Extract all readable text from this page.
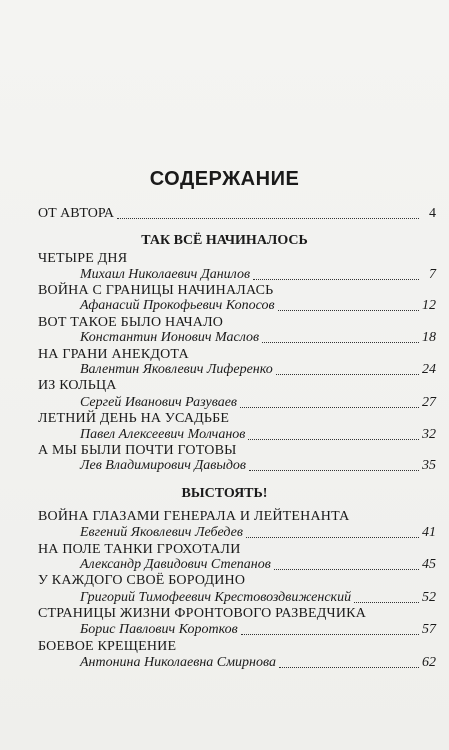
СОДЕРЖАНИЕ
ОТ АВТОРА	4
ТАК ВСЁ НАЧИНАЛОСЬ
ЧЕТЫРЕ ДНЯ
Михаил Николаевич Данилов	7
ВОЙНА С ГРАНИЦЫ НАЧИНАЛАСЬ
Афанасий Прокофьевич Копосов	12
ВОТ ТАКОЕ БЫЛО НАЧАЛО
Константин Ионович Маслов	18
НА ГРАНИ АНЕКДОТА
Валентин Яковлевич Лиференко	24
ИЗ КОЛЬЦА
Сергей Иванович Разуваев	27
ЛЕТНИЙ ДЕНЬ НА УСАДЬБЕ
Павел Алексеевич Молчанов	32
А МЫ БЫЛИ ПОЧТИ ГОТОВЫ
Лев Владимирович Давыдов	35
ВЫСТОЯТЬ!
ВОЙНА ГЛАЗАМИ ГЕНЕРАЛА И ЛЕЙТЕНАНТА
Евгений Яковлевич Лебедев	41
НА ПОЛЕ ТАНКИ ГРОХОТАЛИ
Александр Давидович Степанов	45
У КАЖДОГО СВОЁ БОРОДИНО
Григорий Тимофеевич Крестовоздвиженский	52
СТРАНИЦЫ ЖИЗНИ ФРОНТОВОГО РАЗВЕДЧИКА
Борис Павлович Коротков	57
БОЕВОЕ КРЕЩЕНИЕ
Антонина Николаевна Смирнова	62
